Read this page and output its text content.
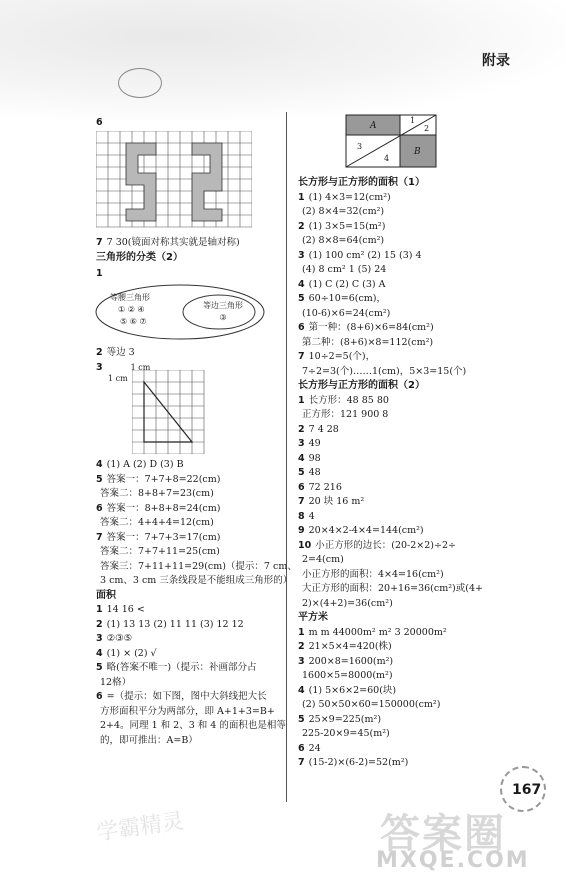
附录
6
7 7 30(镜面对称其实就是轴对称)
三角形的分类（2）
1
等腰三角形
① ② ④
⑤ ⑥ ⑦
等边三角形
③
2 等边 3
3	1 cm
1 cm
4 (1) A (2) D (3) B
5 答案一：7+7+8=22(cm)
答案二：8+8+7=23(cm)
6 答案一：8+8+8=24(cm)
答案二：4+4+4=12(cm)
7 答案一：7+7+3=17(cm)
答案二：7+7+11=25(cm)
答案三：7+11+11=29(cm)（提示：7 cm、
3 cm、3 cm 三条线段是不能组成三角形的）
面积
1 14 16 <
2 (1) 13 13 (2) 11 11 (3) 12 12
3 ②③⑤
4 (1) × (2) √
5 略(答案不唯一)（提示：补画部分占
12格）
6 =（提示：如下图，图中大斜线把大长
方形面积平分为两部分，即 A+1+3=B+
2+4。同理 1 和 2、3 和 4 的面积也是相等
的，即可推出：A=B）
A
1
2
3
4
B
长方形与正方形的面积（1）
1 (1) 4×3=12(cm²)
(2) 8×4=32(cm²)
2 (1) 3×5=15(m²)
(2) 8×8=64(cm²)
3 (1) 100 cm² (2) 15 (3) 4
(4) 8 cm² 1 (5) 24
4 (1) C (2) C (3) A
5 60÷10=6(cm)，
(10-6)×6=24(cm²)
6 第一种：(8+6)×6=84(cm²)
第二种：(8+6)×8=112(cm²)
7 10÷2=5(个)，
7÷2=3(个)……1(cm)，5×3=15(个)
长方形与正方形的面积（2）
1 长方形：48 85 80
正方形：121 900 8
2 7 4 28
3 49
4 98
5 48
6 72 216
7 20 块 16 m²
8 4
9 20×4×2-4×4=144(cm²)
10 小正方形的边长：(20-2×2)÷2÷
2=4(cm)
小正方形的面积：4×4=16(cm²)
大正方形的面积：20+16=36(cm²)或(4+
2)×(4+2)=36(cm²)
平方米
1 m m 44000m² m² 3 20000m²
2 21×5×4=420(株)
3 200×8=1600(m²)
1600×5=8000(m²)
4 (1) 5×6×2=60(块)
(2) 50×50×60=150000(cm²)
5 25×9=225(m²)
225-20×9=45(m²)
6 24
7 (15-2)×(6-2)=52(m²)
167
学霸精灵	答案圈
MXQE.COM
